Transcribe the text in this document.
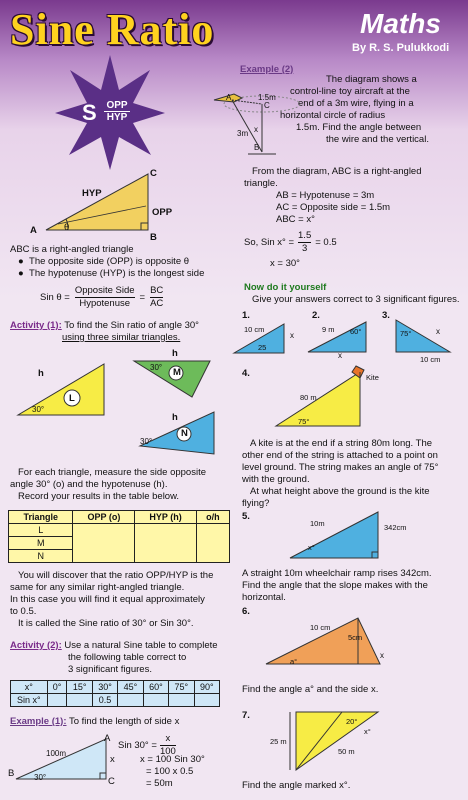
Sine Ratio	Maths
By R. S. Pulukkodi
S OPP
HYP
A
B
C
HYP
OPP
θ
ABC is a right-angled triangle
●  The opposite side (OPP) is opposite θ
●  The hypotenuse (HYP) is the longest side
Sin $\theta = \frac{\text{Opposite Side}}{\text{Hypotenuse}} = \frac{BC}{AC}$
Activity (1): To find the Sin ratio of angle 30°
using three similar triangles.
L
h
30°
M
h
30°
N
h
30°
For each triangle, measure the side opposite
angle 30° (o) and the hypotenuse (h).
Record your results in the table below.
Triangle	OPP (o)	HYP (h)	o/h
L			
M			
N			
You will discover that the ratio OPP/HYP is the
same for any similar right-angled triangle.
In this case you will find it equal approximately
to 0.5.
It is called the Sine ratio of 30° or Sin 30°.
Activity (2): Use a natural Sine table to complete
the following table correct to
3 significant figures.
x°	0°	15°	30°	45°	60°	75°	90°
Sin x°			0.5				
Example (1): To find the length of side x
B
A
C
100m
30°
x
Sin $30^\circ = \frac{x}{100}$
x = 100 Sin 30°
= 100 x 0.5
= 50m
Example (2)
The diagram shows a
control-line toy aircraft at the
end of a 3m wire, flying in a
horizontal circle of radius
1.5m. Find the angle between
the wire and the vertical.
1.5m
3m
A
B
C
x
From the diagram, ABC is a right-angled
triangle.
AB = Hypotenuse = 3m
AC = Opposite side = 1.5m
ABC = x°
So, Sin $x^\circ = \frac{1.5}{3} = 0.5$
x = 30°
Now do it yourself
Give your answers correct to 3 significant figures.
1.
10 cm
25
x
2.
9 m 60°
x
3.
75°
10 cm
x
4.	Kite
80 m
75°
A kite is at the end if a string 80m long. The
other end of the string is attached to a point on
level ground. The string makes an angle of 75°
with the ground.
At what height above the ground is the kite
flying?
5.
10m	342cm
x°
A straight 10m wheelchair ramp rises 342cm.
Find the angle that the slope makes with the
horizontal.
6.
10 cm
5cm
a°
x
Find the angle a° and the side x.
7.
25 m
50 m
20°
x°
Find the angle marked x°.
